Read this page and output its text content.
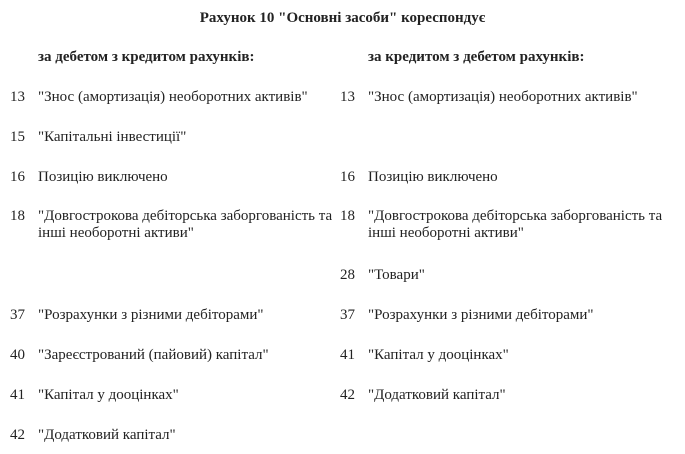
Рахунок 10 "Основні засоби" кореспондує
за дебетом з кредитом рахунків:	за кредитом з дебетом рахунків:
13 "Знос (амортизація) необоротних активів"
15 "Капітальні інвестиції"
16 Позицію виключено
18 "Довгострокова дебіторська заборгованість та інші необоротні активи"
37 "Розрахунки з різними дебіторами"
40 "Зареєстрований (пайовий) капітал"
41 "Капітал у дооцінках"
42 "Додатковий капітал"
13 "Знос (амортизація) необоротних активів"
16 Позицію виключено
18 "Довгострокова дебіторська заборгованість та інші необоротні активи"
28 "Товари"
37 "Розрахунки з різними дебіторами"
41 "Капітал у дооцінках"
42 "Додатковий капітал"
